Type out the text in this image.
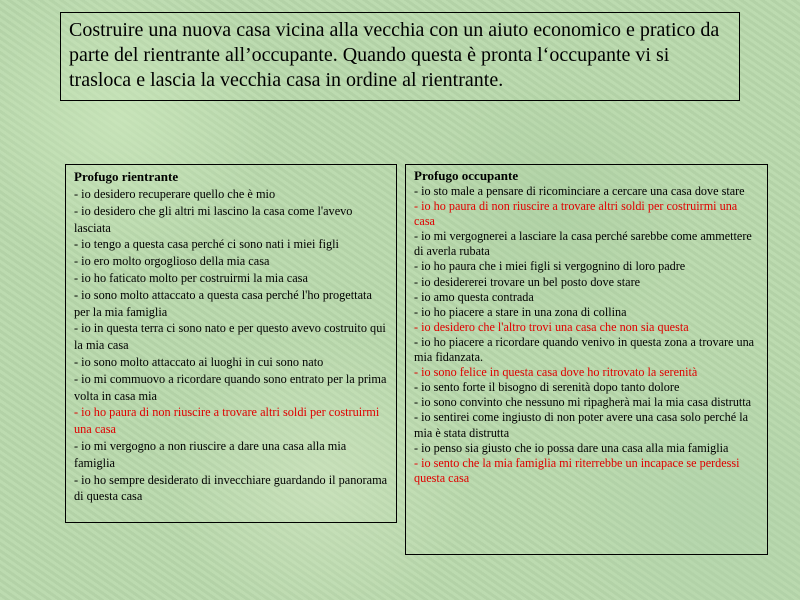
Costruire una nuova casa vicina alla vecchia con un aiuto economico e pratico da parte del rientrante all’occupante. Quando questa è pronta l‘occupante vi si trasloca e lascia la vecchia casa in ordine al rientrante.
Profugo rientrante
- io desidero recuperare quello che è mio
- io desidero che gli altri mi lascino la casa come l'avevo lasciata
- io tengo a questa casa perché ci sono nati i miei figli
- io ero molto orgoglioso della mia casa
- io ho faticato molto per costruirmi la mia casa
- io sono molto attaccato a questa casa perché l'ho progettata per la mia famiglia
- io in questa terra ci sono nato e per questo avevo costruito qui la mia casa
- io sono molto attaccato ai luoghi in cui sono nato
- io mi commuovo a ricordare quando sono entrato per la prima volta in casa mia
- io ho paura di non riuscire a trovare altri soldi per costruirmi una casa
- io mi vergogno a non riuscire a dare una casa alla mia famiglia
- io ho sempre desiderato di invecchiare guardando il panorama di questa casa
Profugo occupante
- io sto male a pensare di ricominciare a cercare una casa dove stare
- io ho paura di non riuscire a trovare altri soldi per costruirmi una casa
- io mi vergognerei a lasciare la casa perché sarebbe come ammettere di averla rubata
- io ho paura che i miei figli si vergognino di loro padre
- io desidererei trovare un bel posto dove stare
- io amo questa contrada
- io ho piacere a stare in una zona di collina
- io desidero che l'altro trovi una casa che non sia questa
- io ho piacere a ricordare quando venivo in questa zona a trovare una mia fidanzata.
- io sono felice in questa casa dove ho ritrovato la serenità
- io sento forte il bisogno di serenità dopo tanto dolore
- io sono convinto che nessuno mi ripagherà mai la mia casa distrutta
- io sentirei come ingiusto di non poter avere una casa solo perché la mia è stata distrutta
- io penso sia giusto che io possa dare una casa alla mia famiglia
- io sento che la mia famiglia mi riterrebbe un incapace se perdessi questa casa
